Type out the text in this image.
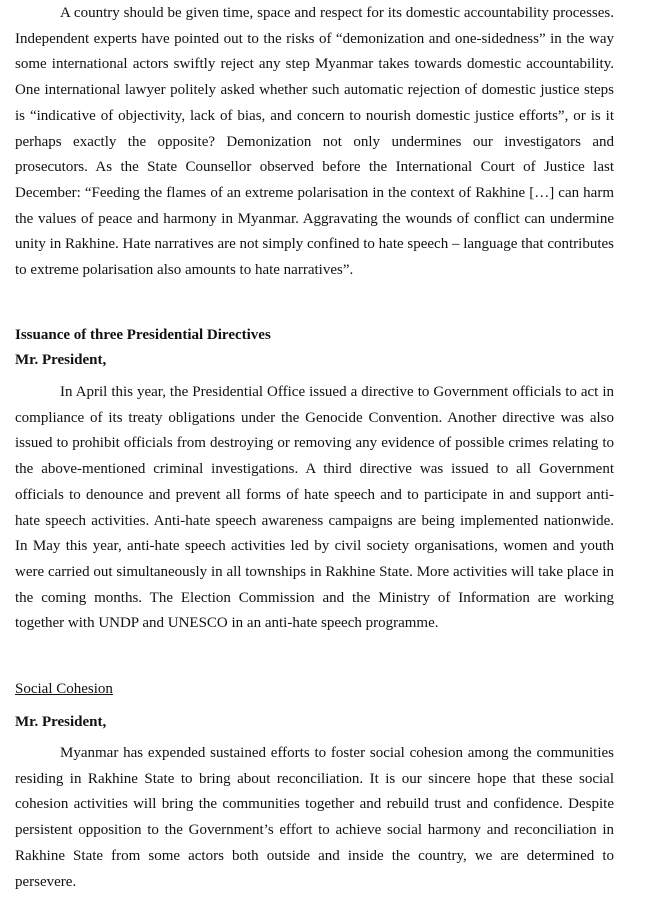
A country should be given time, space and respect for its domestic accountability processes. Independent experts have pointed out to the risks of “demonization and one-sidedness” in the way some international actors swiftly reject any step Myanmar takes towards domestic accountability. One international lawyer politely asked whether such automatic rejection of domestic justice steps is “indicative of objectivity, lack of bias, and concern to nourish domestic justice efforts”, or is it perhaps exactly the opposite? Demonization not only undermines our investigators and prosecutors. As the State Counsellor observed before the International Court of Justice last December: “Feeding the flames of an extreme polarisation in the context of Rakhine […] can harm the values of peace and harmony in Myanmar. Aggravating the wounds of conflict can undermine unity in Rakhine. Hate narratives are not simply confined to hate speech – language that contributes to extreme polarisation also amounts to hate narratives”.

Issuance of three Presidential Directives

Mr. President,

In April this year, the Presidential Office issued a directive to Government officials to act in compliance of its treaty obligations under the Genocide Convention. Another directive was also issued to prohibit officials from destroying or removing any evidence of possible crimes relating to the above-mentioned criminal investigations. A third directive was issued to all Government officials to denounce and prevent all forms of hate speech and to participate in and support anti-hate speech activities. Anti-hate speech awareness campaigns are being implemented nationwide. In May this year, anti-hate speech activities led by civil society organisations, women and youth were carried out simultaneously in all townships in Rakhine State. More activities will take place in the coming months. The Election Commission and the Ministry of Information are working together with UNDP and UNESCO in an anti-hate speech programme.

Social Cohesion

Mr. President,

Myanmar has expended sustained efforts to foster social cohesion among the communities residing in Rakhine State to bring about reconciliation. It is our sincere hope that these social cohesion activities will bring the communities together and rebuild trust and confidence. Despite persistent opposition to the Government’s effort to achieve social harmony and reconciliation in Rakhine State from some actors both outside and inside the country, we are determined to persevere.
